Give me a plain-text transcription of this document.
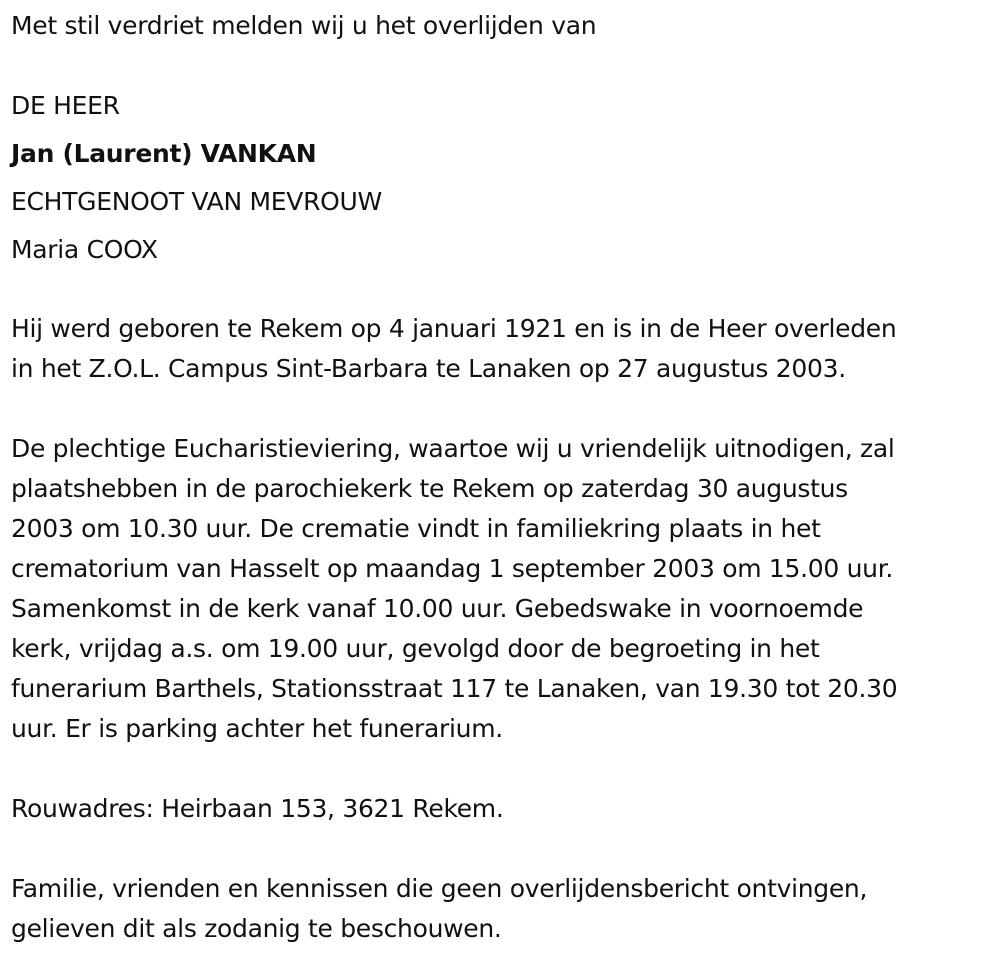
Met stil verdriet melden wij u het overlijden van

DE HEER

Jan (Laurent) VANKAN

ECHTGENOOT VAN MEVROUW

Maria COOX

Hij werd geboren te Rekem op 4 januari 1921 en is in de Heer overleden

in het Z.O.L. Campus Sint-Barbara te Lanaken op 27 augustus 2003.

De plechtige Eucharistieviering, waartoe wij u vriendelijk uitnodigen, zal

plaatshebben in de parochiekerk te Rekem op zaterdag 30 augustus

2003 om 10.30 uur. De crematie vindt in familiekring plaats in het

crematorium van Hasselt op maandag 1 september 2003 om 15.00 uur.

Samenkomst in de kerk vanaf 10.00 uur. Gebedswake in voornoemde

kerk, vrijdag a.s. om 19.00 uur, gevolgd door de begroeting in het

funerarium Barthels, Stationsstraat 117 te Lanaken, van 19.30 tot 20.30

uur. Er is parking achter het funerarium.

Rouwadres: Heirbaan 153, 3621 Rekem.

Familie, vrienden en kennissen die geen overlijdensbericht ontvingen,

gelieven dit als zodanig te beschouwen.
